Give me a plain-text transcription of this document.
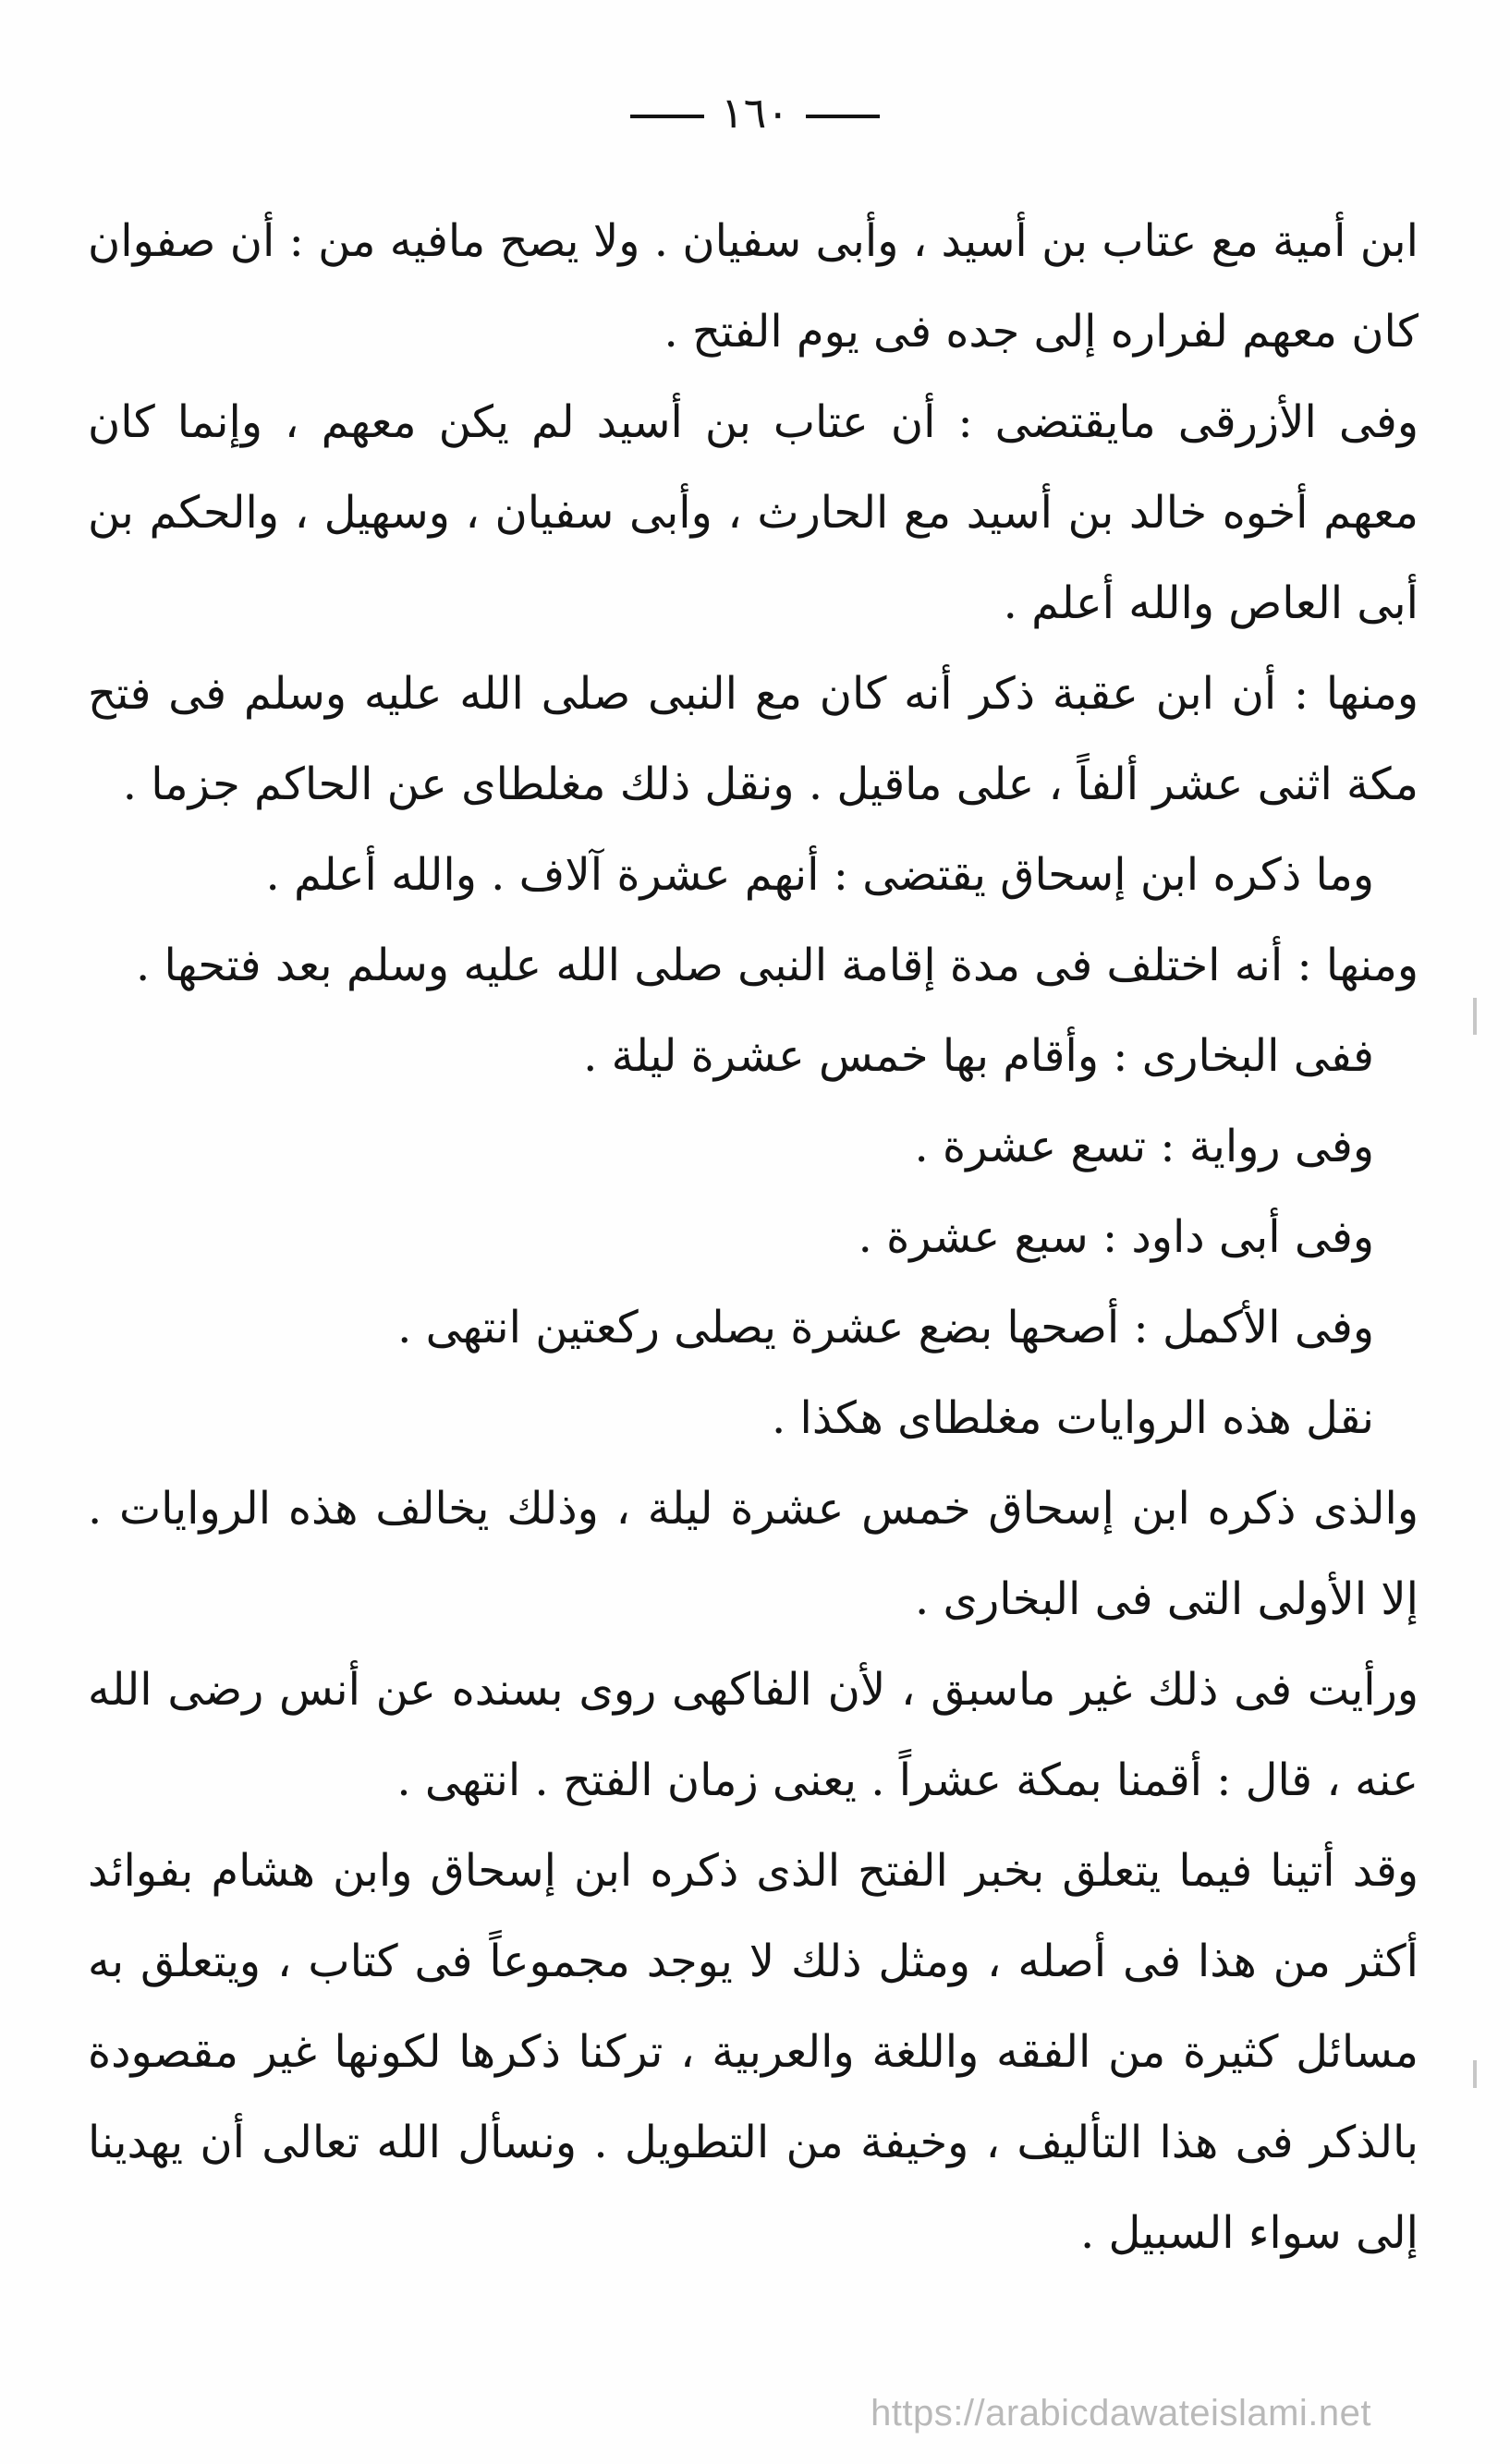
١٦٠

ابن أمية مع عتاب بن أسيد ، وأبى سفيان . ولا يصح مافيه من : أن صفوان كان معهم لفراره إلى جده فى يوم الفتح .

وفى الأزرقى مايقتضى : أن عتاب بن أسيد لم يكن معهم ، وإنما كان معهم أخوه خالد بن أسيد مع الحارث ، وأبى سفيان ، وسهيل ، والحكم بن أبى العاص والله أعلم .

ومنها : أن ابن عقبة ذكر أنه كان مع النبى صلى الله عليه وسلم فى فتح مكة اثنى عشر ألفاً ، على ماقيل . ونقل ذلك مغلطاى عن الحاكم جزما .

وما ذكره ابن إسحاق يقتضى : أنهم عشرة آلاف . والله أعلم .

ومنها : أنه اختلف فى مدة إقامة النبى صلى الله عليه وسلم بعد فتحها .

ففى البخارى : وأقام بها خمس عشرة ليلة .

وفى رواية : تسع عشرة .

وفى أبى داود : سبع عشرة .

وفى الأكمل : أصحها بضع عشرة يصلى ركعتين انتهى .

نقل هذه الروايات مغلطاى هكذا .

والذى ذكره ابن إسحاق خمس عشرة ليلة ، وذلك يخالف هذه الروايات . إلا الأولى التى فى البخارى .

ورأيت فى ذلك غير ماسبق ، لأن الفاكهى روى بسنده عن أنس رضى الله عنه ، قال : أقمنا بمكة عشراً . يعنى زمان الفتح . انتهى .

وقد أتينا فيما يتعلق بخبر الفتح الذى ذكره ابن إسحاق وابن هشام بفوائد أكثر من هذا فى أصله ، ومثل ذلك لا يوجد مجموعاً فى كتاب ، ويتعلق به مسائل كثيرة من الفقه واللغة والعربية ، تركنا ذكرها لكونها غير مقصودة بالذكر فى هذا التأليف ، وخيفة من التطويل . ونسأل الله تعالى أن يهدينا إلى سواء السبيل .

https://arabicdawateislami.net
